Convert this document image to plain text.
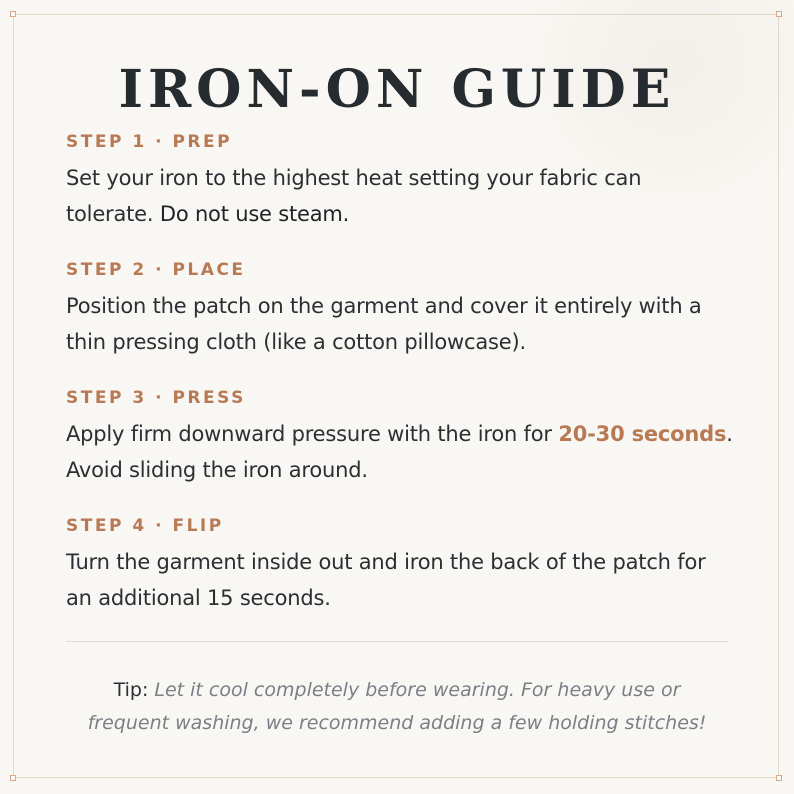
IRON-ON GUIDE
STEP 1 · PREP
Set your iron to the highest heat setting your fabric can tolerate. Do not use steam.
STEP 2 · PLACE
Position the patch on the garment and cover it entirely with a thin pressing cloth (like a cotton pillowcase).
STEP 3 · PRESS
Apply firm downward pressure with the iron for 20-30 seconds. Avoid sliding the iron around.
STEP 4 · FLIP
Turn the garment inside out and iron the back of the patch for an additional 15 seconds.
Tip: Let it cool completely before wearing. For heavy use or frequent washing, we recommend adding a few holding stitches!
